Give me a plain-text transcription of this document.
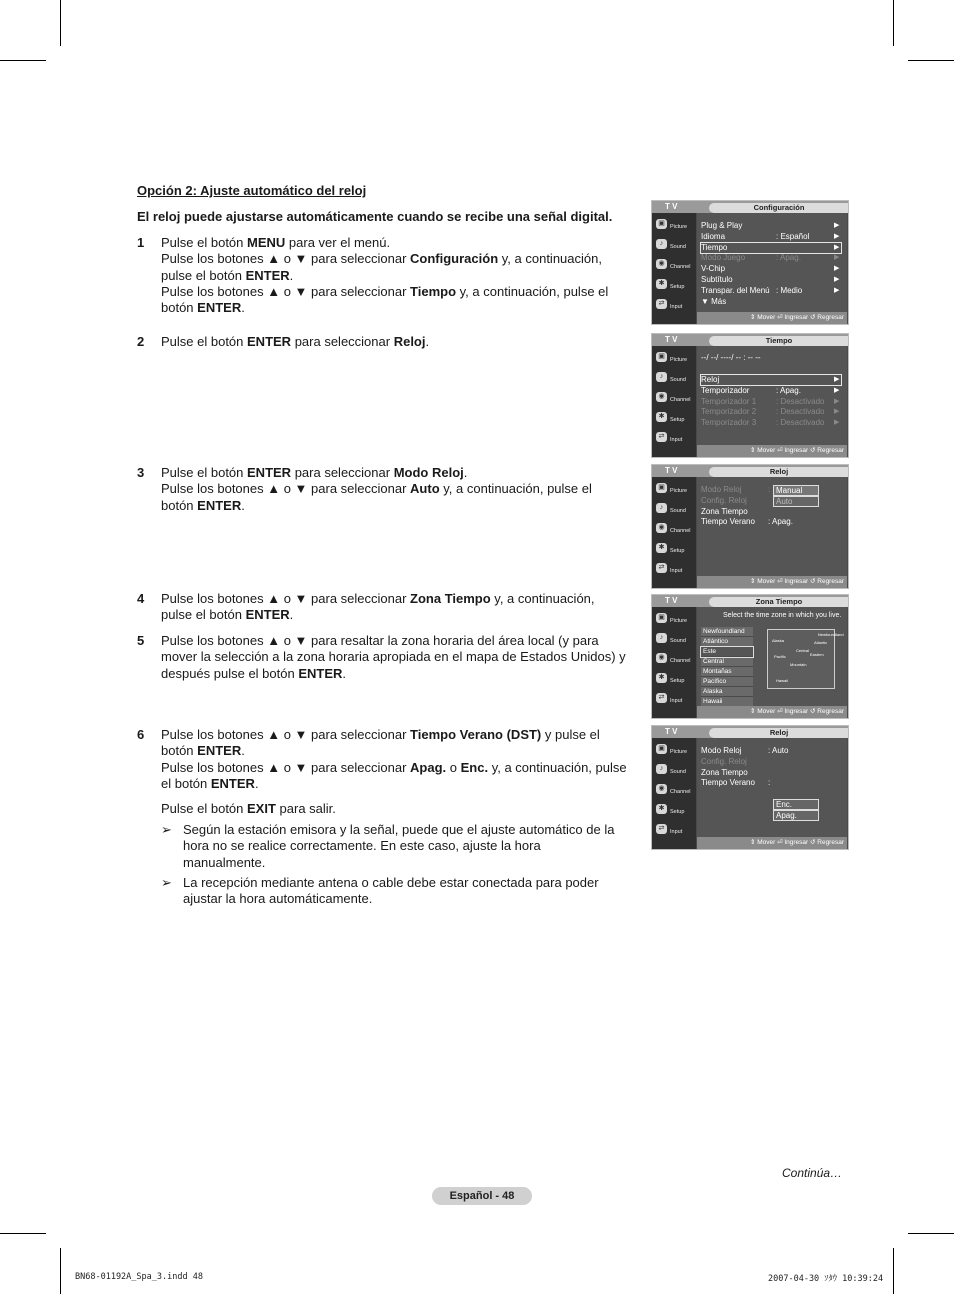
Opción 2: Ajuste automático del reloj
El reloj puede ajustarse automáticamente cuando se recibe una señal digital.
1 Pulse el botón MENU para ver el menú.

Pulse los botones ▲ o ▼ para seleccionar Configuración y, a continuación, pulse el botón ENTER.

Pulse los botones ▲ o ▼ para seleccionar Tiempo y, a continuación, pulse el botón ENTER.

2 Pulse el botón ENTER para seleccionar Reloj.

3 Pulse el botón ENTER para seleccionar Modo Reloj.

Pulse los botones ▲ o ▼ para seleccionar Auto y, a continuación, pulse el botón ENTER.

4 Pulse los botones ▲ o ▼ para seleccionar Zona Tiempo y, a continuación, pulse el botón ENTER.

5 Pulse los botones ▲ o ▼ para resaltar la zona horaria del área local (y para mover la selección a la zona horaria apropiada en el mapa de Estados Unidos) y después pulse el botón ENTER.

6 Pulse los botones ▲ o ▼ para seleccionar Tiempo Verano (DST) y pulse el botón ENTER.

Pulse los botones ▲ o ▼ para seleccionar Apag. o Enc. y, a continuación, pulse el botón ENTER.

Pulse el botón EXIT para salir.
➢ Según la estación emisora y la señal, puede que el ajuste automático de la hora no se realice correctamente. En este caso, ajuste la hora manualmente.
➢ La recepción mediante antena o cable debe estar conectada para poder ajustar la hora automáticamente.
T V	Configuración
▣ Picture
♪	Sound
◉ Channel
✱	Setup
⇄	Input
Plug & Play	▶
Idioma	: Español	▶
Tiempo	▶
Modo Juego	: Apag.	▶
V-Chip	▶
Subtítulo	▶
Transpar. del Menú : Medio	▶
▼ Más
⇕ Mover ⏎ Ingresar ↺ Regresar
T V	Tiempo
▣ Picture
♪	Sound
◉ Channel
✱	Setup
⇄	Input
--/ --/ ----/ -- : -- --
Reloj	▶
Temporizador	: Apag.	▶
Temporizador 1 : Desactivado ▶
Temporizador 2 : Desactivado ▶
Temporizador 3 : Desactivado ▶
⇕ Mover ⏎ Ingresar ↺ Regresar
T V	Reloj
▣ Picture
♪	Sound
◉ Channel
✱	Setup
⇄	Input
Modo Reloj	:
Config. Reloj
Zona Tiempo
Tiempo Verano : Apag.
Manual
Auto
⇕ Mover ⏎ Ingresar ↺ Regresar
T V	Zona Tiempo
▣ Picture
♪	Sound
◉ Channel
✱	Setup
⇄	Input
Select the time zone in which you live.
Newfoundland
Atlántico
Este
Central
Montañas
Pacífico
Alaska
Hawaii
Alaska
Pacific
Mountain
Central
Eastern
Atlantic
Newfoundland
Hawaii
⇕ Mover ⏎ Ingresar ↺ Regresar
T V	Reloj
▣ Picture
♪	Sound
◉ Channel
✱	Setup
⇄	Input
Modo Reloj	: Auto
Config. Reloj
Zona Tiempo
Tiempo Verano :
Enc.
Apag.
⇕ Mover ⏎ Ingresar ↺ Regresar
Continúa…
Español - 48
BN68-01192A_Spa_3.indd 48	2007-04-30 ｿﾀｳ 10:39:24
